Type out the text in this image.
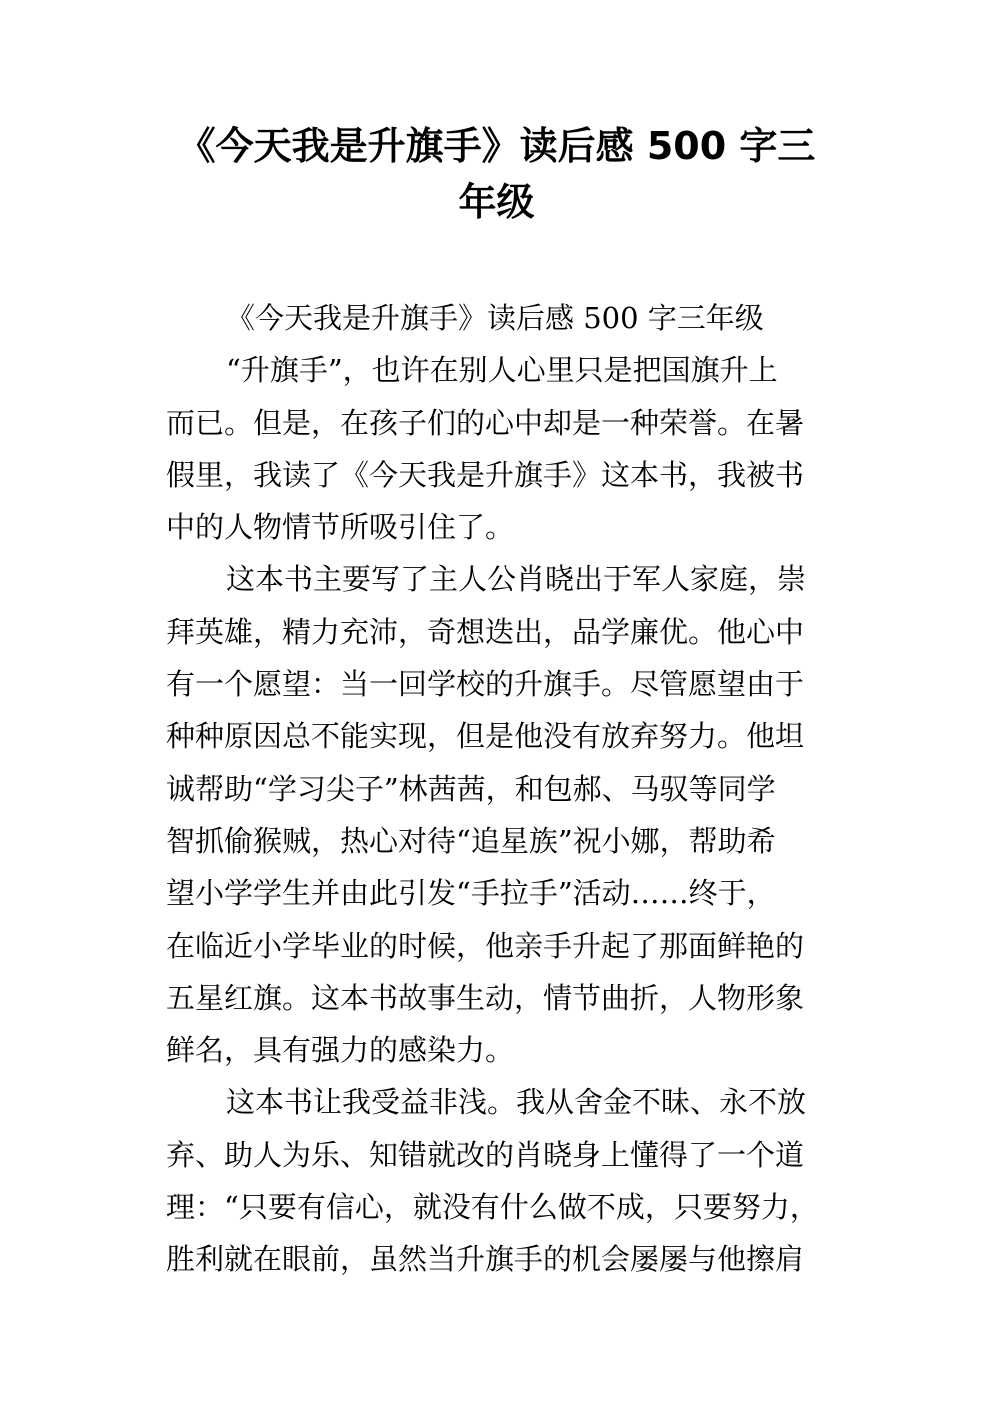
《今天我是升旗手》读后感 500 字三
年级
《今天我是升旗手》读后感 500 字三年级
“升旗手”，也许在别人心里只是把国旗升上
而已。但是，在孩子们的心中却是一种荣誉。在暑
假里，我读了《今天我是升旗手》这本书，我被书
中的人物情节所吸引住了。
这本书主要写了主人公肖晓出于军人家庭，崇
拜英雄，精力充沛，奇想迭出，品学廉优。他心中
有一个愿望：当一回学校的升旗手。尽管愿望由于
种种原因总不能实现，但是他没有放弃努力。他坦
诚帮助“学习尖子”林茜茜，和包郝、马驭等同学
智抓偷猴贼，热心对待“追星族”祝小娜，帮助希
望小学学生并由此引发“手拉手”活动……终于，
在临近小学毕业的时候，他亲手升起了那面鲜艳的
五星红旗。这本书故事生动，情节曲折，人物形象
鲜名，具有强力的感染力。
这本书让我受益非浅。我从舍金不昧、永不放
弃、助人为乐、知错就改的肖晓身上懂得了一个道
理：“只要有信心，就没有什么做不成，只要努力，
胜利就在眼前，虽然当升旗手的机会屡屡与他擦肩
